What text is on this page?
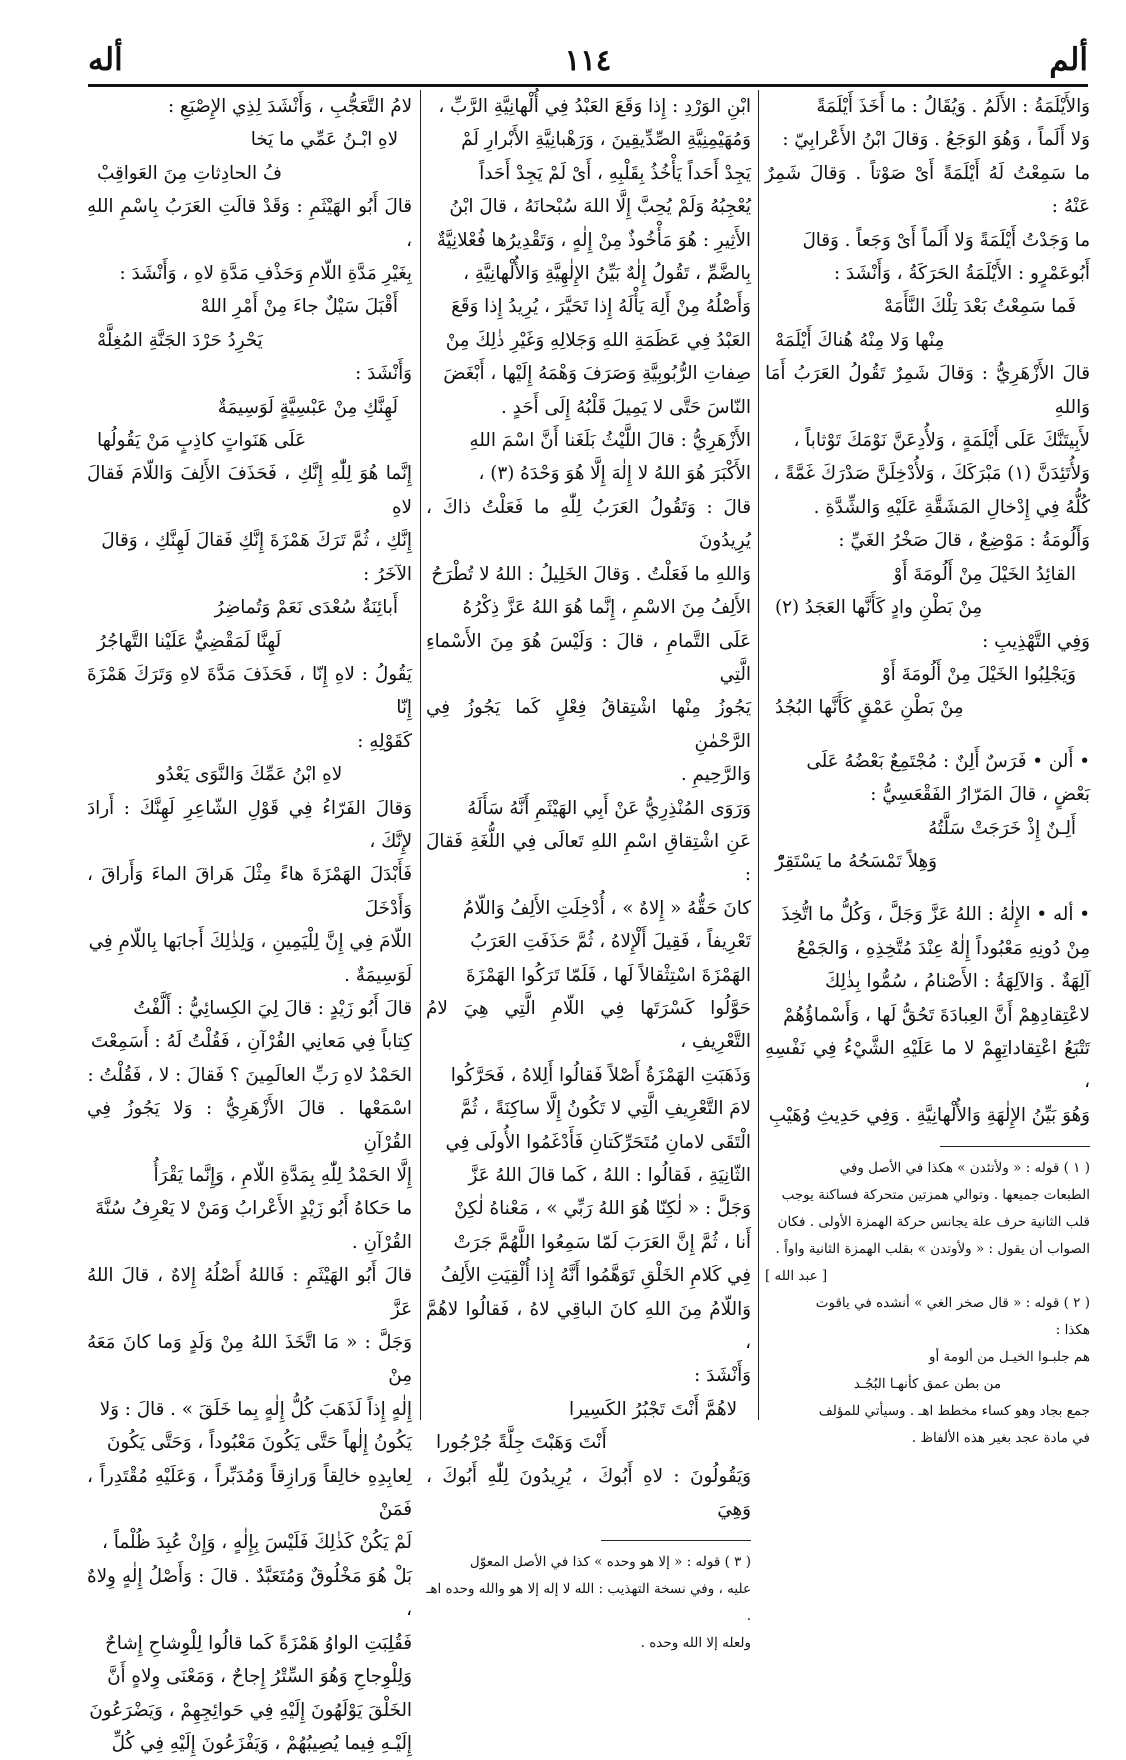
ألم
١١٤
أله

وَالأَيْلَمَةُ : الأَلَمُ . وَيُقَالُ : ما أَخَذَ أَيْلَمَةً

وَلا أَلَماً ، وَهُوَ الوَجَعُ . وَقالَ ابْنُ الأَعْرابِيّ :

ما سَمِعْتُ لَهُ أَيْلَمَةً أَىْ صَوْتاً . وَقالَ شَمِرٌ عَنْهُ :

ما وَجَدْتُ أَيْلَمَةً وَلا أَلَماً أَىْ وَجَعاً . وَقالَ

أَبُوعَمْرٍو : الأَيْلَمَةُ الحَرَكَةُ ، وَأَنْشَدَ :

فَما سَمِعْتُ بَعْدَ تِلْكَ النَّأَمَهْ

مِنْها وَلا مِنْهُ هُناكَ أَيْلَمَهْ

قالَ الأَزْهَرِيُّ : وَقالَ شَمِرٌ تَقُولُ العَرَبُ أَمَا وَاللهِ

لأَبِيتَنَّكَ عَلَى أَيْلَمَةٍ ، وَلأُدِعَنَّ نَوْمَكَ تَوْثاباً ،

وَلأُتَئِدَنَّ (١) مَبْرَكَكَ ، وَلأُدْخِلَنَّ صَدْرَكَ غَمَّةً ،

كُلُّهُ فِي إِدْخالِ المَشَقَّةِ عَلَيْهِ وَالشِّدَّةِ .

وَأَلُومَةُ : مَوْضِعٌ ، قالَ صَخْرُ الغَيِّ :

القائِدُ الخَيْلَ مِنْ أَلُومَةَ أَوْ

مِنْ بَطْنِ وادٍ كَأَنَّها العَجَدُ (٢)

وَفِي التَّهْذِيبِ :

وَيَجْلِبُوا الخَيْلَ مِنْ أَلُومَةَ أَوْ

مِنْ بَطْنِ عَمْقٍ كَأَنَّها البُجُدُ

• أَلن • فَرَسٌ أَلِنٌ : مُجْتَمِعٌ بَعْضُهُ عَلَى

بَعْضٍ ، قالَ المَرّارُ الفَقْعَسِيُّ :

أَلِـنٌ إِذْ خَرَجَتْ سَلَّتُهُ

وَهِلاً تَمْسَحُهُ ما يَسْتَقِرّْ

• أله • الإِلٰهُ : اللهُ عَزَّ وَجَلَّ ، وَكُلُّ ما اتُّخِذَ

مِنْ دُونِهِ مَعْبُوداً إِلٰهٌ عِنْدَ مُتَّخِذِهِ ، وَالجَمْعُ

آلِهَةٌ . وَالآلِهَةُ : الأَصْنامُ ، سُمُّوا بِذٰلِكَ

لاعْتِقادِهِمْ أَنَّ العِبادَةَ تَحُقُّ لَها ، وَأَسْماؤُهُمْ

تَتْبَعُ اعْتِقاداتِهِمْ لا ما عَلَيْهِ الشَّيْءُ فِي نَفْسِهِ ،

وَهُوَ بَيِّنُ الإِلٰهَةِ وَالأُلْهانِيَّةِ . وَفِي حَدِيثِ وُهَيْبِ

( ١ ) قوله : « ولأتئدن » هكذا في الأصل وفي

الطبعات جميعها . وتوالي همزتين متحركة فساكنة يوجب

قلب الثانية حرف علة يجانس حركة الهمزة الأولى . فكان

الصواب أن يقول : « ولأوتدن » بقلب الهمزة الثانية واواً .

[ عبد الله ]

( ٢ ) قوله : « قال صخر الغي » أنشده في ياقوت

هكذا :

هم جلبـوا الخيـل من ألومة أو

من بطن عمق كأنهـا البُجُـد

جمع بجاد وهو كساء مخطط اهـ . وسيأتي للمؤلف

في مادة عجد بغير هذه الألفاظ .

ابْنِ الوَرْدِ : إِذا وَقَعَ العَبْدُ فِي أُلْهانِيَّةِ الرَّبِّ ،

وَمُهَيْمِنِيَّةِ الصِّدِّيقِينَ ، وَرَهْبانِيَّةِ الأَبْرارِ لَمْ

يَجِدْ أَحَداً يَأْخُذُ بِقَلْبِهِ ، أَىْ لَمْ يَجِدْ أَحَداً

يُعْجِبُهُ وَلَمْ يُحِبَّ إِلَّا اللهَ سُبْحانَهُ ، قالَ ابْنُ

الأَثِيرِ : هُوَ مَأْخُوذٌ مِنْ إِلٰهٍ ، وَتَقْدِيرُها فُعْلانِيَّةٌ

بِالضَّمِّ ، تَقُولُ إِلٰهٌ بَيِّنُ الإِلٰهِيَّةِ وَالأُلْهانِيَّةِ ،

وَأَصْلُهُ مِنْ أَلِهَ يَأْلَهُ إِذا تَحَيَّرَ ، يُرِيدُ إِذا وَقَعَ

العَبْدُ فِي عَظَمَةِ اللهِ وَجَلالِهِ وَغَيْرِ ذٰلِكَ مِنْ

صِفاتِ الرُّبُوبِيَّةِ وَصَرَفَ وَهْمَهُ إِلَيْها ، أَبْغَضَ

النّاسَ حَتَّى لا يَمِيلَ قَلْبُهُ إِلَى أَحَدٍ .

الأَزْهَرِيُّ : قالَ اللَّيْثُ بَلَغَنا أَنَّ اسْمَ اللهِ

الأَكْبَرَ هُوَ اللهُ لا إِلٰهَ إِلَّا هُوَ وَحْدَهُ (٣) ،

قالَ : وَتَقُولُ العَرَبُ لِلّٰهِ ما فَعَلْتُ ذاكَ ، يُرِيدُونَ

وَاللهِ ما فَعَلْتُ . وَقالَ الخَلِيلُ : اللهُ لا تُطْرَحُ

الأَلِفُ مِنَ الاسْمِ ، إِنَّما هُوَ اللهُ عَزَّ ذِكْرُهُ

عَلَى التَّمامِ ، قالَ : وَلَيْسَ هُوَ مِنَ الأَسْماءِ الَّتِي

يَجُوزُ مِنْها اشْتِقاقُ فِعْلٍ كَما يَجُوزُ فِي الرَّحْمٰنِ

وَالرَّحِيمِ .

وَرَوَى المُنْذِرِيُّ عَنْ أَبِي الهَيْثَمِ أَنَّهُ سَأَلَهُ

عَنِ اشْتِقاقِ اسْمِ اللهِ تَعالَى فِي اللُّغَةِ فَقالَ :

كانَ حَقُّهُ « إِلاهٌ » ، أُدْخِلَتِ الأَلِفُ وَاللّامُ

تَعْرِيفاً ، فَقِيلَ أَلْإِلاهُ ، ثُمَّ حَذَفَتِ العَرَبُ

الهَمْزَةَ اسْتِثْقالاً لَها ، فَلَمّا تَرَكُوا الهَمْزَةَ

حَوَّلُوا كَسْرَتَها فِي اللّامِ الَّتِي هِيَ لامُ التَّعْرِيفِ ،

وَذَهَبَتِ الهَمْزَةُ أَصْلاً فَقالُوا أَلِلاهُ ، فَحَرَّكُوا

لامَ التَّعْرِيفِ الَّتِي لا تَكُونُ إِلَّا ساكِنَةً ، ثُمَّ

الْتَقَى لامانِ مُتَحَرِّكَتانِ فَأَدْغَمُوا الأُولَى فِي

الثّانِيَةِ ، فَقالُوا : اللهُ ، كَما قالَ اللهُ عَزَّ

وَجَلَّ : « لٰكِنّا هُوَ اللهُ رَبِّي » ، مَعْناهُ لٰكِنْ

أَنا ، ثُمَّ إِنَّ العَرَبَ لَمّا سَمِعُوا اللَّهُمَّ جَرَتْ

فِي كَلامِ الخَلْقِ تَوَهَّمُوا أَنَّهُ إِذا أُلْقِيَتِ الأَلِفُ

وَاللّامُ مِنَ اللهِ كانَ الباقِي لاهُ ، فَقالُوا لاهُمَّ ،

وَأَنْشَدَ :

لاهُمَّ أَنْتَ تَجْبُرُ الكَسِيرا

أَنْتَ وَهَبْتَ جِلَّةً جُرْجُورا

وَيَقُولُونَ : لاهِ أَبُوكَ ، يُرِيدُونَ لِلّٰهِ أَبُوكَ ، وَهِيَ

( ٣ ) قوله : « إلا هو وحده » كذا في الأصل المعوّل

عليه ، وفي نسخة التهذيب : الله لا إله إلا هو والله وحده اهـ .

ولعله إلا الله وحده .

لامُ التَّعَجُّبِ ، وَأَنْشَدَ لِذِي الإِصْبَعِ :

لاهِ ابْـنُ عَمِّي ما يَخا

فُ الحادِثاتِ مِنَ العَواقِبْ

قالَ أَبُو الهَيْثَمِ : وَقَدْ قالَتِ العَرَبُ بِاسْمِ اللهِ ،

بِغَيْرِ مَدَّةِ اللّامِ وَحَذْفِ مَدَّةِ لاهِ ، وَأَنْشَدَ :

أَقْبَلَ سَيْلٌ جاءَ مِنْ أَمْرِ اللهْ

يَحْرِدُ حَرْدَ الجَنَّةِ المُغِلَّهْ

وَأَنْشَدَ :

لَهِنَّكِ مِنْ عَبْسِيَّةٍ لَوَسِيمَةٌ

عَلَى هَنَواتٍ كاذِبٍ مَنْ يَقُولُها

إِنَّما هُوَ لِلّٰهِ إِنَّكِ ، فَحَذَفَ الأَلِفَ وَاللّامَ فَقالَ لاهِ

إِنَّكِ ، ثُمَّ تَرَكَ هَمْزَةَ إِنَّكِ فَقالَ لَهِنَّكِ ، وَقالَ

الآخَرُ :

أَبائِنَةٌ سُعْدَى نَعَمْ وَتُماضِرُ

لَهِنَّا لَمَقْضِيٌّ عَلَيْنا التَّهاجُرُ

يَقُولُ : لاهِ إِنّا ، فَحَذَفَ مَدَّةَ لاهِ وَتَرَكَ هَمْزَةَ إِنّا

كَقَوْلِهِ :

لاهِ ابْنُ عَمِّكَ وَالنَّوَى يَعْدُو

وَقالَ الفَرّاءُ فِي قَوْلِ الشّاعِرِ لَهِنَّكَ : أَرادَ لإِنَّكَ ،

فَأَبْدَلَ الهَمْزَةَ هاءً مِثْلَ هَراقَ الماءَ وَأَراقَ ، وَأَدْخَلَ

اللّامَ فِي إِنَّ لِلْيَمِينِ ، وَلِذٰلِكَ أَجابَها بِاللّامِ فِي

لَوَسِيمَةٌ .

قالَ أَبُو زَيْدٍ : قالَ لِيَ الكِسائِيُّ : أَلَّفْتُ

كِتاباً فِي مَعانِي القُرْآنِ ، فَقُلْتُ لَهُ : أَسَمِعْتَ

الحَمْدُ لاهِ رَبِّ العالَمِينَ ؟ فَقالَ : لا ، فَقُلْتُ :

اسْمَعْها . قالَ الأَزْهَرِيُّ : وَلا يَجُوزُ فِي القُرْآنِ

إِلَّا الحَمْدُ لِلّٰهِ بِمَدَّةِ اللّامِ ، وَإِنَّما يَقْرَأُ

ما حَكاهُ أَبُو زَيْدٍ الأَعْرابُ وَمَنْ لا يَعْرِفُ سُنَّةَ

القُرْآنِ .

قالَ أَبُو الهَيْثَمِ : فَاللهُ أَصْلُهُ إِلاهٌ ، قالَ اللهُ عَزَّ

وَجَلَّ : « مَا اتَّخَذَ اللهُ مِنْ وَلَدٍ وَما كانَ مَعَهُ مِنْ

إِلٰهٍ إِذاً لَذَهَبَ كُلُّ إِلٰهٍ بِما خَلَقَ » . قالَ : وَلا

يَكُونُ إِلٰهاً حَتَّى يَكُونَ مَعْبُوداً ، وَحَتَّى يَكُونَ

لِعابِدِهِ خالِقاً وَرازِقاً وَمُدَبِّراً ، وَعَلَيْهِ مُقْتَدِراً ، فَمَنْ

لَمْ يَكُنْ كَذٰلِكَ فَلَيْسَ بِإِلٰهٍ ، وَإِنْ عُبِدَ ظُلْماً ،

بَلْ هُوَ مَخْلُوقٌ وَمُتَعَبَّدٌ . قالَ : وَأَصْلُ إِلٰهٍ وِلاهٌ ،

فَقُلِبَتِ الواوُ هَمْزَةً كَما قالُوا لِلْوِشاحِ إِشاحٌ

وَلِلْوِجاحِ وَهُوَ السِّتْرُ إِجاحٌ ، وَمَعْنَى وِلاهٍ أَنَّ

الخَلْقَ يَوْلَهُونَ إِلَيْهِ فِي حَوائِجِهِمْ ، وَيَضْرَعُونَ

إِلَيْـهِ فِيما يُصِيبُهُمْ ، وَيَفْزَعُونَ إِلَيْهِ فِي كُلِّ
